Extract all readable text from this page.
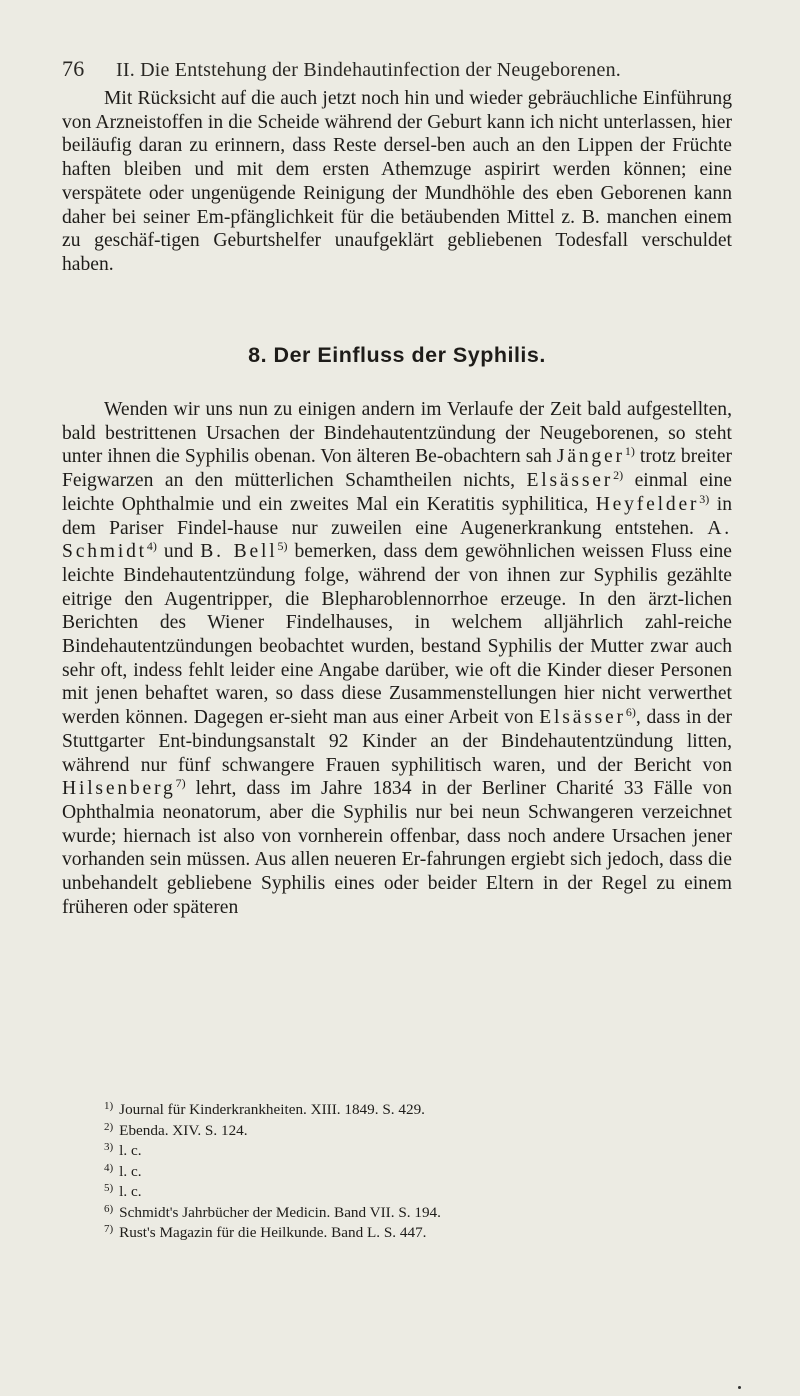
76 II. Die Entstehung der Bindehautinfection der Neugeborenen.

Mit Rücksicht auf die auch jetzt noch hin und wieder gebräuchliche Einführung von Arzneistoffen in die Scheide während der Geburt kann ich nicht unterlassen, hier beiläufig daran zu erinnern, dass Reste dersel-ben auch an den Lippen der Früchte haften bleiben und mit dem ersten Athemzuge aspirirt werden können; eine verspätete oder ungenügende Reinigung der Mundhöhle des eben Geborenen kann daher bei seiner Em-pfänglichkeit für die betäubenden Mittel z. B. manchen einem zu geschäf-tigen Geburtshelfer unaufgeklärt gebliebenen Todesfall verschuldet haben.

8. Der Einfluss der Syphilis.

Wenden wir uns nun zu einigen andern im Verlaufe der Zeit bald aufgestellten, bald bestrittenen Ursachen der Bindehautentzündung der Neugeborenen, so steht unter ihnen die Syphilis obenan. Von älteren Be-obachtern sah Jänger$^{1)}$ trotz breiter Feigwarzen an den mütterlichen Schamtheilen nichts, Elsässer$^{2)}$ einmal eine leichte Ophthalmie und ein zweites Mal ein Keratitis syphilitica, Heyfelder$^{3)}$ in dem Pariser Findel-hause nur zuweilen eine Augenerkrankung entstehen. A. Schmidt$^{4)}$ und B. Bell$^{5)}$ bemerken, dass dem gewöhnlichen weissen Fluss eine leichte Bindehautentzündung folge, während der von ihnen zur Syphilis gezählte eitrige den Augentripper, die Blepharoblennorrhoe erzeuge. In den ärzt-lichen Berichten des Wiener Findelhauses, in welchem alljährlich zahl-reiche Bindehautentzündungen beobachtet wurden, bestand Syphilis der Mutter zwar auch sehr oft, indess fehlt leider eine Angabe darüber, wie oft die Kinder dieser Personen mit jenen behaftet waren, so dass diese Zusammenstellungen hier nicht verwerthet werden können. Dagegen er-sieht man aus einer Arbeit von Elsässer$^{6)}$, dass in der Stuttgarter Ent-bindungsanstalt 92 Kinder an der Bindehautentzündung litten, während nur fünf schwangere Frauen syphilitisch waren, und der Bericht von Hilsenberg$^{7)}$ lehrt, dass im Jahre 1834 in der Berliner Charité 33 Fälle von Ophthalmia neonatorum, aber die Syphilis nur bei neun Schwangeren verzeichnet wurde; hiernach ist also von vornherein offenbar, dass noch andere Ursachen jener vorhanden sein müssen. Aus allen neueren Er-fahrungen ergiebt sich jedoch, dass die unbehandelt gebliebene Syphilis eines oder beider Eltern in der Regel zu einem früheren oder späteren

$^{1)}$ Journal für Kinderkrankheiten. XIII. 1849. S. 429.
$^{2)}$ Ebenda. XIV. S. 124.
$^{3)}$ l. c.
$^{4)}$ l. c.
$^{5)}$ l. c.
$^{6)}$ Schmidt's Jahrbücher der Medicin. Band VII. S. 194.
$^{7)}$ Rust's Magazin für die Heilkunde. Band L. S. 447.
